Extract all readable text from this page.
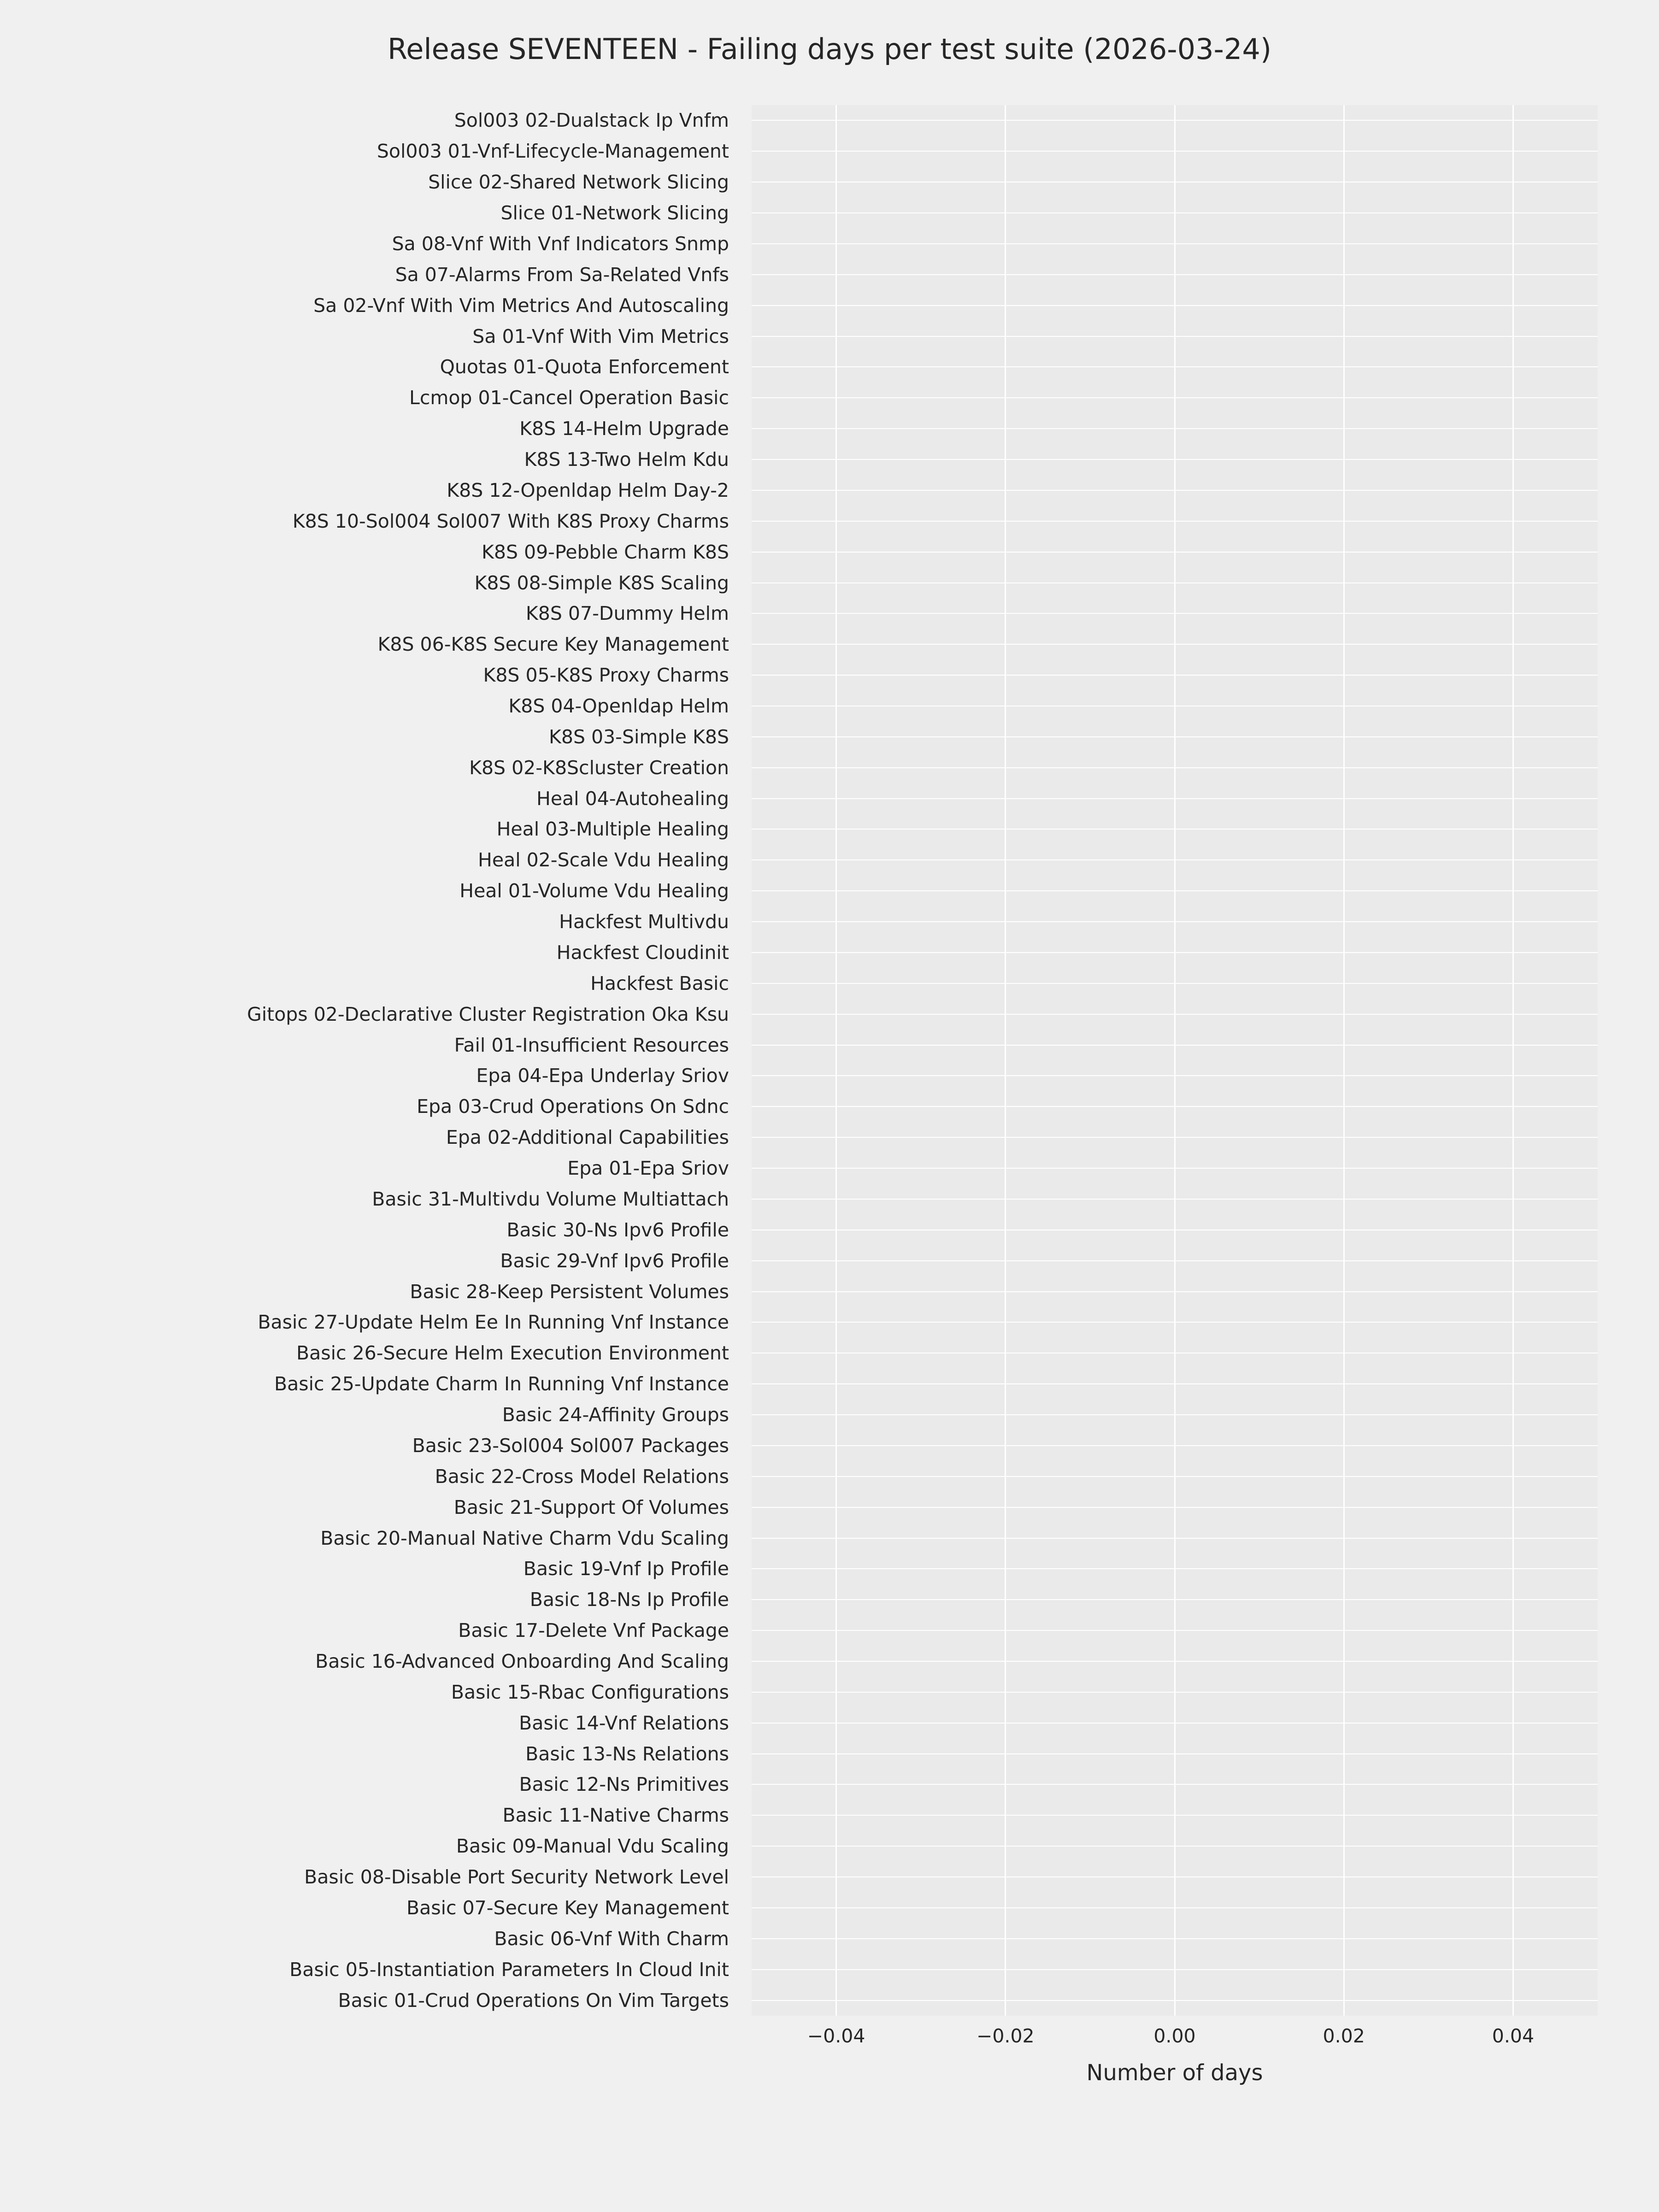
Release SEVENTEEN - Failing days per test suite (2026-03-24)
Basic 01-Crud Operations On Vim Targets
Basic 05-Instantiation Parameters In Cloud Init
Basic 06-Vnf With Charm
Basic 07-Secure Key Management
Basic 08-Disable Port Security Network Level
Basic 09-Manual Vdu Scaling
Basic 11-Native Charms
Basic 12-Ns Primitives
Basic 13-Ns Relations
Basic 14-Vnf Relations
Basic 15-Rbac Configurations
Basic 16-Advanced Onboarding And Scaling
Basic 17-Delete Vnf Package
Basic 18-Ns Ip Profile
Basic 19-Vnf Ip Profile
Basic 20-Manual Native Charm Vdu Scaling
Basic 21-Support Of Volumes
Basic 22-Cross Model Relations
Basic 23-Sol004 Sol007 Packages
Basic 24-Affinity Groups
Basic 25-Update Charm In Running Vnf Instance
Basic 26-Secure Helm Execution Environment
Basic 27-Update Helm Ee In Running Vnf Instance
Basic 28-Keep Persistent Volumes
Basic 29-Vnf Ipv6 Profile
Basic 30-Ns Ipv6 Profile
Basic 31-Multivdu Volume Multiattach
Epa 01-Epa Sriov
Epa 02-Additional Capabilities
Epa 03-Crud Operations On Sdnc
Epa 04-Epa Underlay Sriov
Fail 01-Insufficient Resources
Gitops 02-Declarative Cluster Registration Oka Ksu
Hackfest Basic
Hackfest Cloudinit
Hackfest Multivdu
Heal 01-Volume Vdu Healing
Heal 02-Scale Vdu Healing
Heal 03-Multiple Healing
Heal 04-Autohealing
K8S 02-K8Scluster Creation
K8S 03-Simple K8S
K8S 04-Openldap Helm
K8S 05-K8S Proxy Charms
K8S 06-K8S Secure Key Management
K8S 07-Dummy Helm
K8S 08-Simple K8S Scaling
K8S 09-Pebble Charm K8S
K8S 10-Sol004 Sol007 With K8S Proxy Charms
K8S 12-Openldap Helm Day-2
K8S 13-Two Helm Kdu
K8S 14-Helm Upgrade
Lcmop 01-Cancel Operation Basic
Quotas 01-Quota Enforcement
Sa 01-Vnf With Vim Metrics
Sa 02-Vnf With Vim Metrics And Autoscaling
Sa 07-Alarms From Sa-Related Vnfs
Sa 08-Vnf With Vnf Indicators Snmp
Slice 01-Network Slicing
Slice 02-Shared Network Slicing
Sol003 01-Vnf-Lifecycle-Management
Sol003 02-Dualstack Ip Vnfm
−0.04	−0.02	0.00	0.02	0.04
Number of days
